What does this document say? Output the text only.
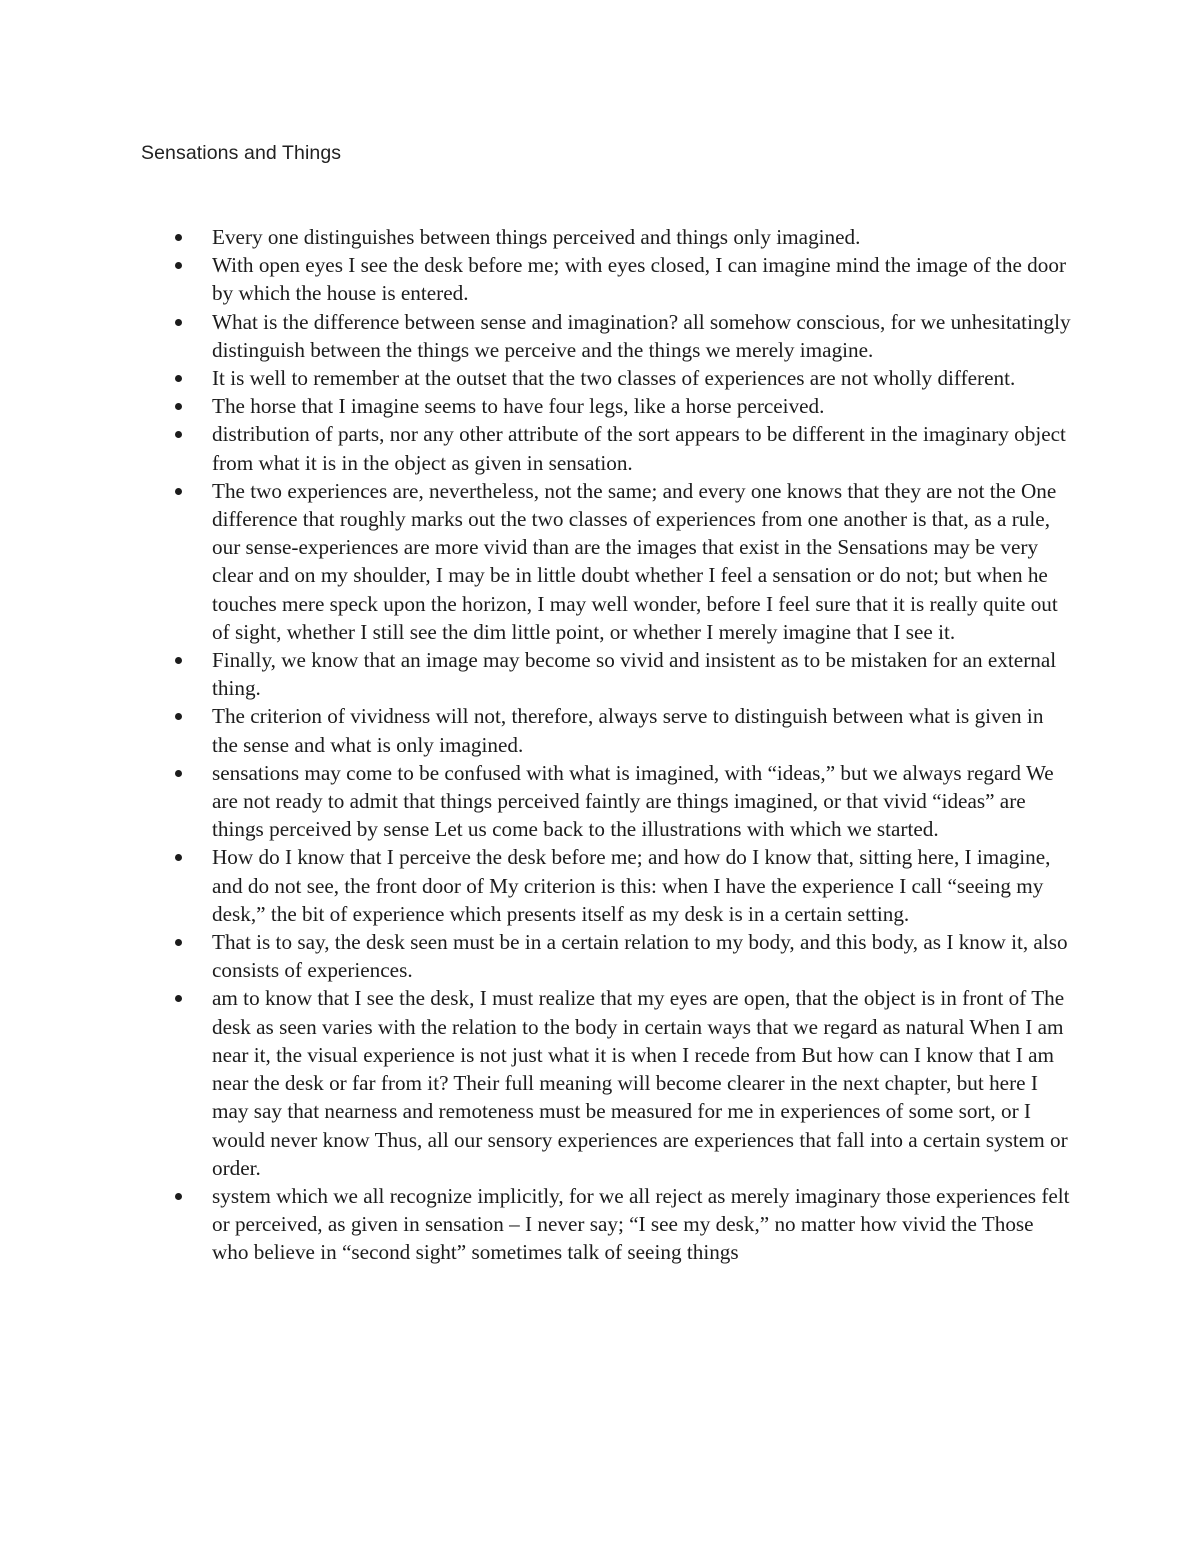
Sensations and Things
Every one distinguishes between things perceived and things only imagined.
With open eyes I see the desk before me; with eyes closed, I can imagine mind the image of the door by which the house is entered.
What is the difference between sense and imagination? all somehow conscious, for we unhesitatingly distinguish between the things we perceive and the things we merely imagine.
It is well to remember at the outset that the two classes of experiences are not wholly different.
The horse that I imagine seems to have four legs, like a horse perceived.
distribution of parts, nor any other attribute of the sort appears to be different in the imaginary object from what it is in the object as given in sensation.
The two experiences are, nevertheless, not the same; and every one knows that they are not the One difference that roughly marks out the two classes of experiences from one another is that, as a rule, our sense-experiences are more vivid than are the images that exist in the Sensations may be very clear and on my shoulder, I may be in little doubt whether I feel a sensation or do not; but when he touches mere speck upon the horizon, I may well wonder, before I feel sure that it is really quite out of sight, whether I still see the dim little point, or whether I merely imagine that I see it.
Finally, we know that an image may become so vivid and insistent as to be mistaken for an external thing.
The criterion of vividness will not, therefore, always serve to distinguish between what is given in the sense and what is only imagined.
sensations may come to be confused with what is imagined, with “ideas,” but we always regard We are not ready to admit that things perceived faintly are things imagined, or that vivid “ideas” are things perceived by sense Let us come back to the illustrations with which we started.
How do I know that I perceive the desk before me; and how do I know that, sitting here, I imagine, and do not see, the front door of My criterion is this: when I have the experience I call “seeing my desk,” the bit of experience which presents itself as my desk is in a certain setting.
That is to say, the desk seen must be in a certain relation to my body, and this body, as I know it, also consists of experiences.
am to know that I see the desk, I must realize that my eyes are open, that the object is in front of The desk as seen varies with the relation to the body in certain ways that we regard as natural When I am near it, the visual experience is not just what it is when I recede from But how can I know that I am near the desk or far from it? Their full meaning will become clearer in the next chapter, but here I may say that nearness and remoteness must be measured for me in experiences of some sort, or I would never know Thus, all our sensory experiences are experiences that fall into a certain system or order.
system which we all recognize implicitly, for we all reject as merely imaginary those experiences felt or perceived, as given in sensation – I never say; “I see my desk,” no matter how vivid the Those who believe in “second sight” sometimes talk of seeing things
